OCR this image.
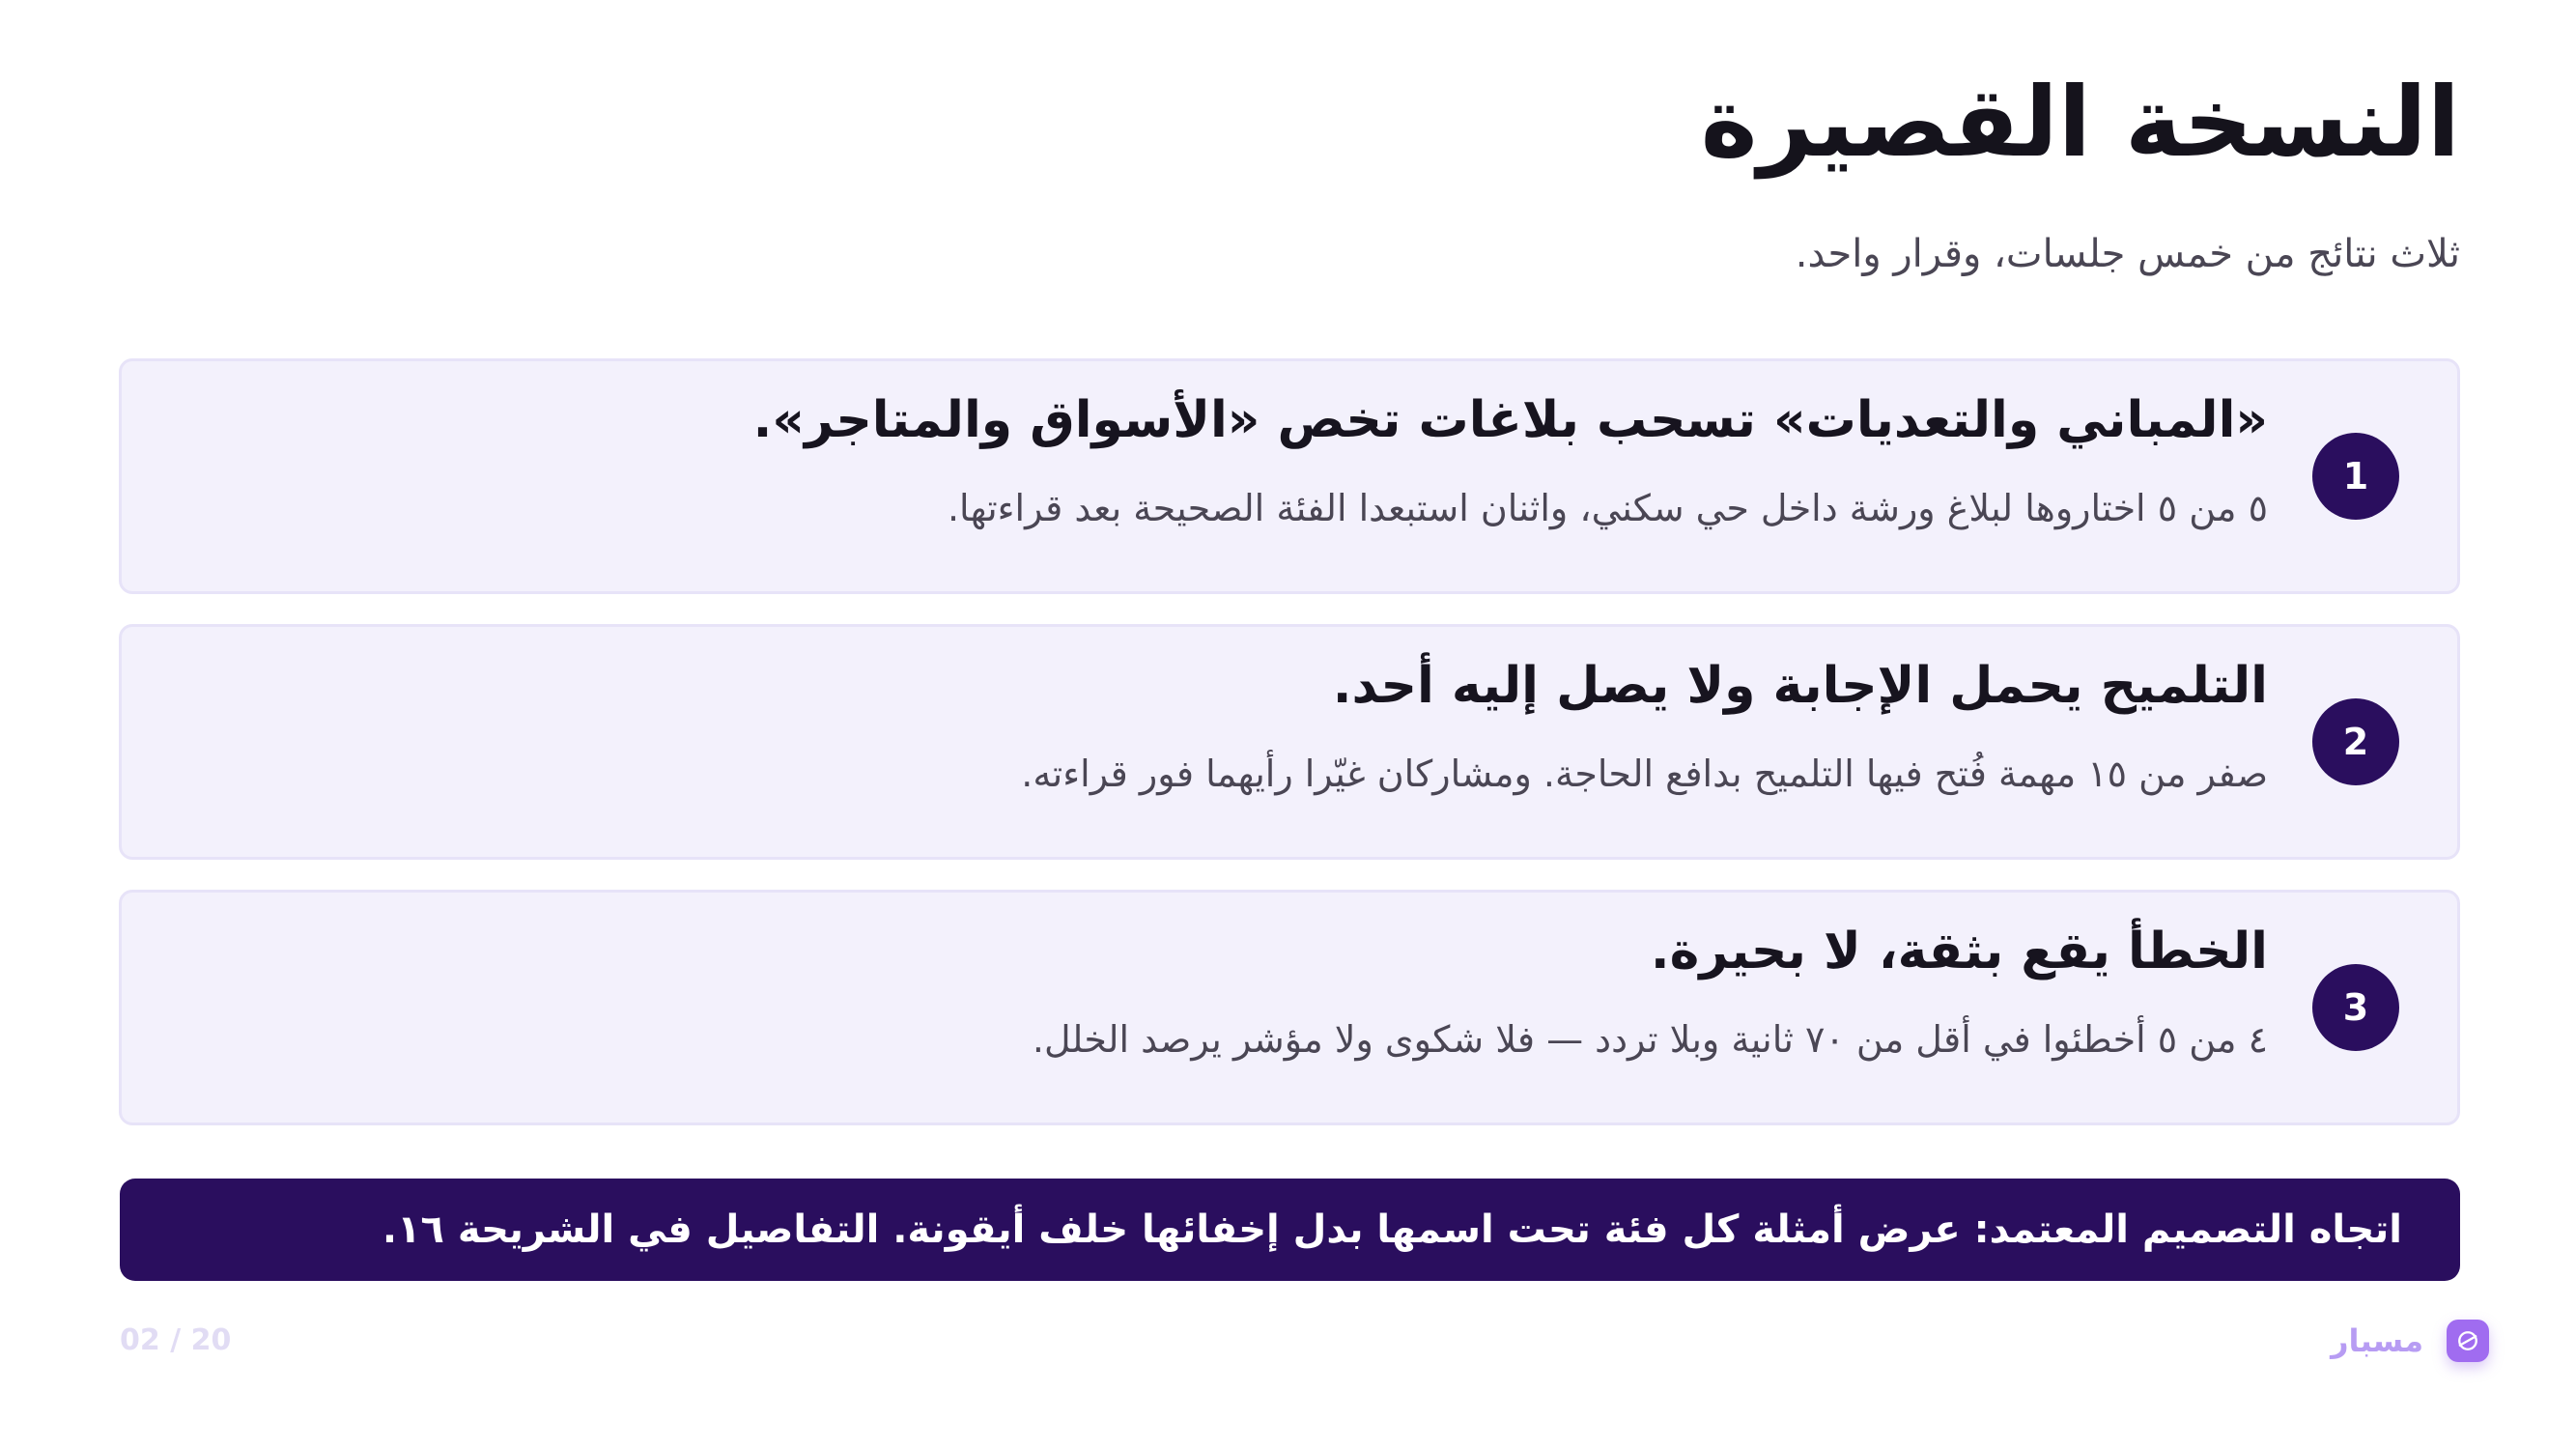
النسخة القصيرة

ثلاث نتائج من خمس جلسات، وقرار واحد.

1
«المباني والتعديات» تسحب بلاغات تخص «الأسواق والمتاجر».

٥ من ٥ اختاروها لبلاغ ورشة داخل حي سكني، واثنان استبعدا الفئة الصحيحة بعد قراءتها.

2
التلميح يحمل الإجابة ولا يصل إليه أحد.

صفر من ١٥ مهمة فُتح فيها التلميح بدافع الحاجة. ومشاركان غيّرا رأيهما فور قراءته.

3
الخطأ يقع بثقة، لا بحيرة.

٤ من ٥ أخطئوا في أقل من ٧٠ ثانية وبلا تردد — فلا شكوى ولا مؤشر يرصد الخلل.

اتجاه التصميم المعتمد: عرض أمثلة كل فئة تحت اسمها بدل إخفائها خلف أيقونة. التفاصيل في الشريحة ١٦.
مسبار
02 / 20
